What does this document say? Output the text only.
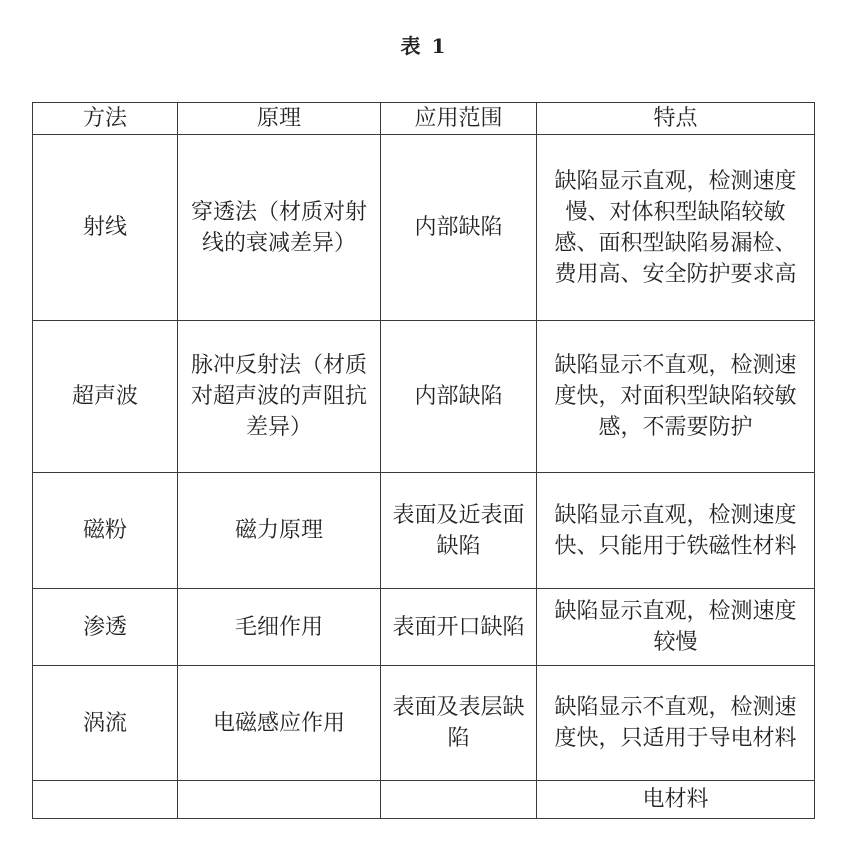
表 1
方法	原理	应用范围	特点
射线	穿透法（材质对射线的衰减差异）	内部缺陷	缺陷显示直观，检测速度慢、对体积型缺陷较敏感、面积型缺陷易漏检、费用高、安全防护要求高
超声波	脉冲反射法（材质对超声波的声阻抗差异）	内部缺陷	缺陷显示不直观，检测速度快，对面积型缺陷较敏感，不需要防护
磁粉	磁力原理	表面及近表面缺陷	缺陷显示直观，检测速度快、只能用于铁磁性材料
渗透	毛细作用	表面开口缺陷	缺陷显示直观，检测速度较慢
涡流	电磁感应作用	表面及表层缺陷	缺陷显示不直观，检测速度快，只适用于导电材料
			电材料
